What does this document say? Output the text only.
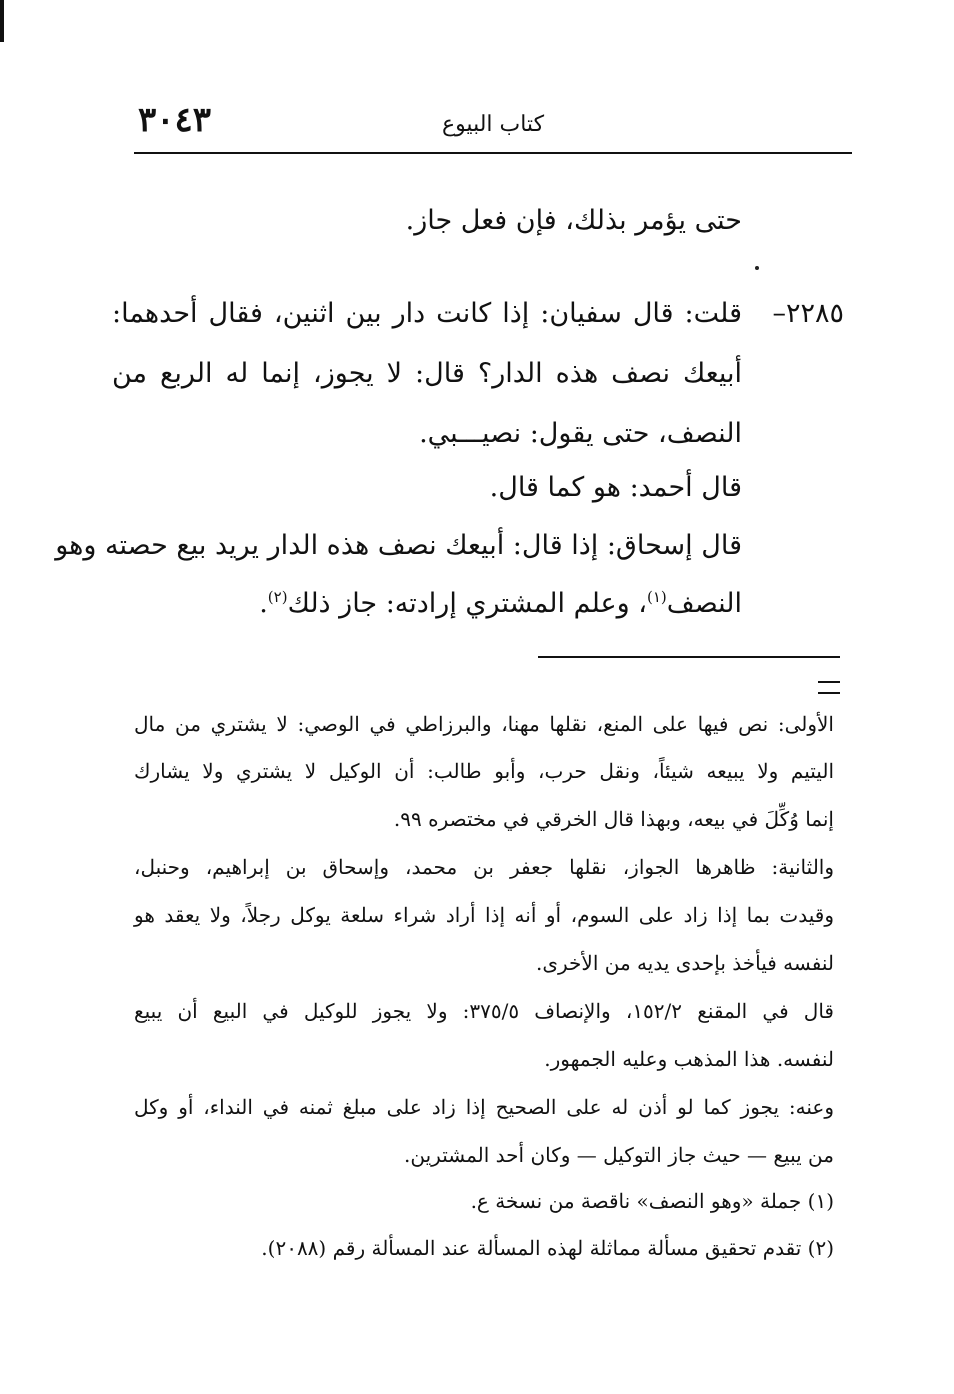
٣٠٤٣	كتاب البيوع
حتى يؤمر بذلك، فإن فعل جاز.
٢٢٨٥–
قلت: قال سفيان: إذا كانت دار بين اثنين، فقال أحدهما:
أبيعك نصف هذه الدار؟ قال: لا يجوز، إنما له الربع من
النصف، حتى يقول: نصيـــبي.
قال أحمد: هو كما قال.
قال إسحاق: إذا قال: أبيعك نصف هذه الدار يريد بيع حصته وهو
النصف$^{(١)}$، وعلم المشتري إرادته: جاز ذلك$^{(٢)}$.
الأولى: نص فيها على المنع، نقلها مهنا، والبرزاطي في الوصي: لا يشتري من مال
اليتيم ولا يبيعه شيئاً، ونقل حرب، وأبو طالب: أن الوكيل لا يشتري ولا يشارك
إنما وُكِّلَ في بيعه، وبهذا قال الخرقي في مختصره ٩٩.
والثانية: ظاهرها الجواز، نقلها جعفر بن محمد، وإسحاق بن إبراهيم، وحنبل،
وقيدت بما إذا زاد على السوم، أو أنه إذا أراد شراء سلعة يوكل رجلاً، ولا يعقد هو
لنفسه فيأخذ بإحدى يديه من الأخرى.
قال في المقنع ١٥٢/٢، والإنصاف ٣٧٥/٥: ولا يجوز للوكيل في البيع أن يبيع
لنفسه. هذا المذهب وعليه الجمهور.
وعنه: يجوز كما لو أذن له على الصحيح إذا زاد على مبلغ ثمنه في النداء، أو وكل
من يبيع — حيث جاز التوكيل — وكان أحد المشترين.
(١) جملة «وهو النصف» ناقصة من نسخة ع.
(٢) تقدم تحقيق مسألة مماثلة لهذه المسألة عند المسألة رقم (٢٠٨٨).
